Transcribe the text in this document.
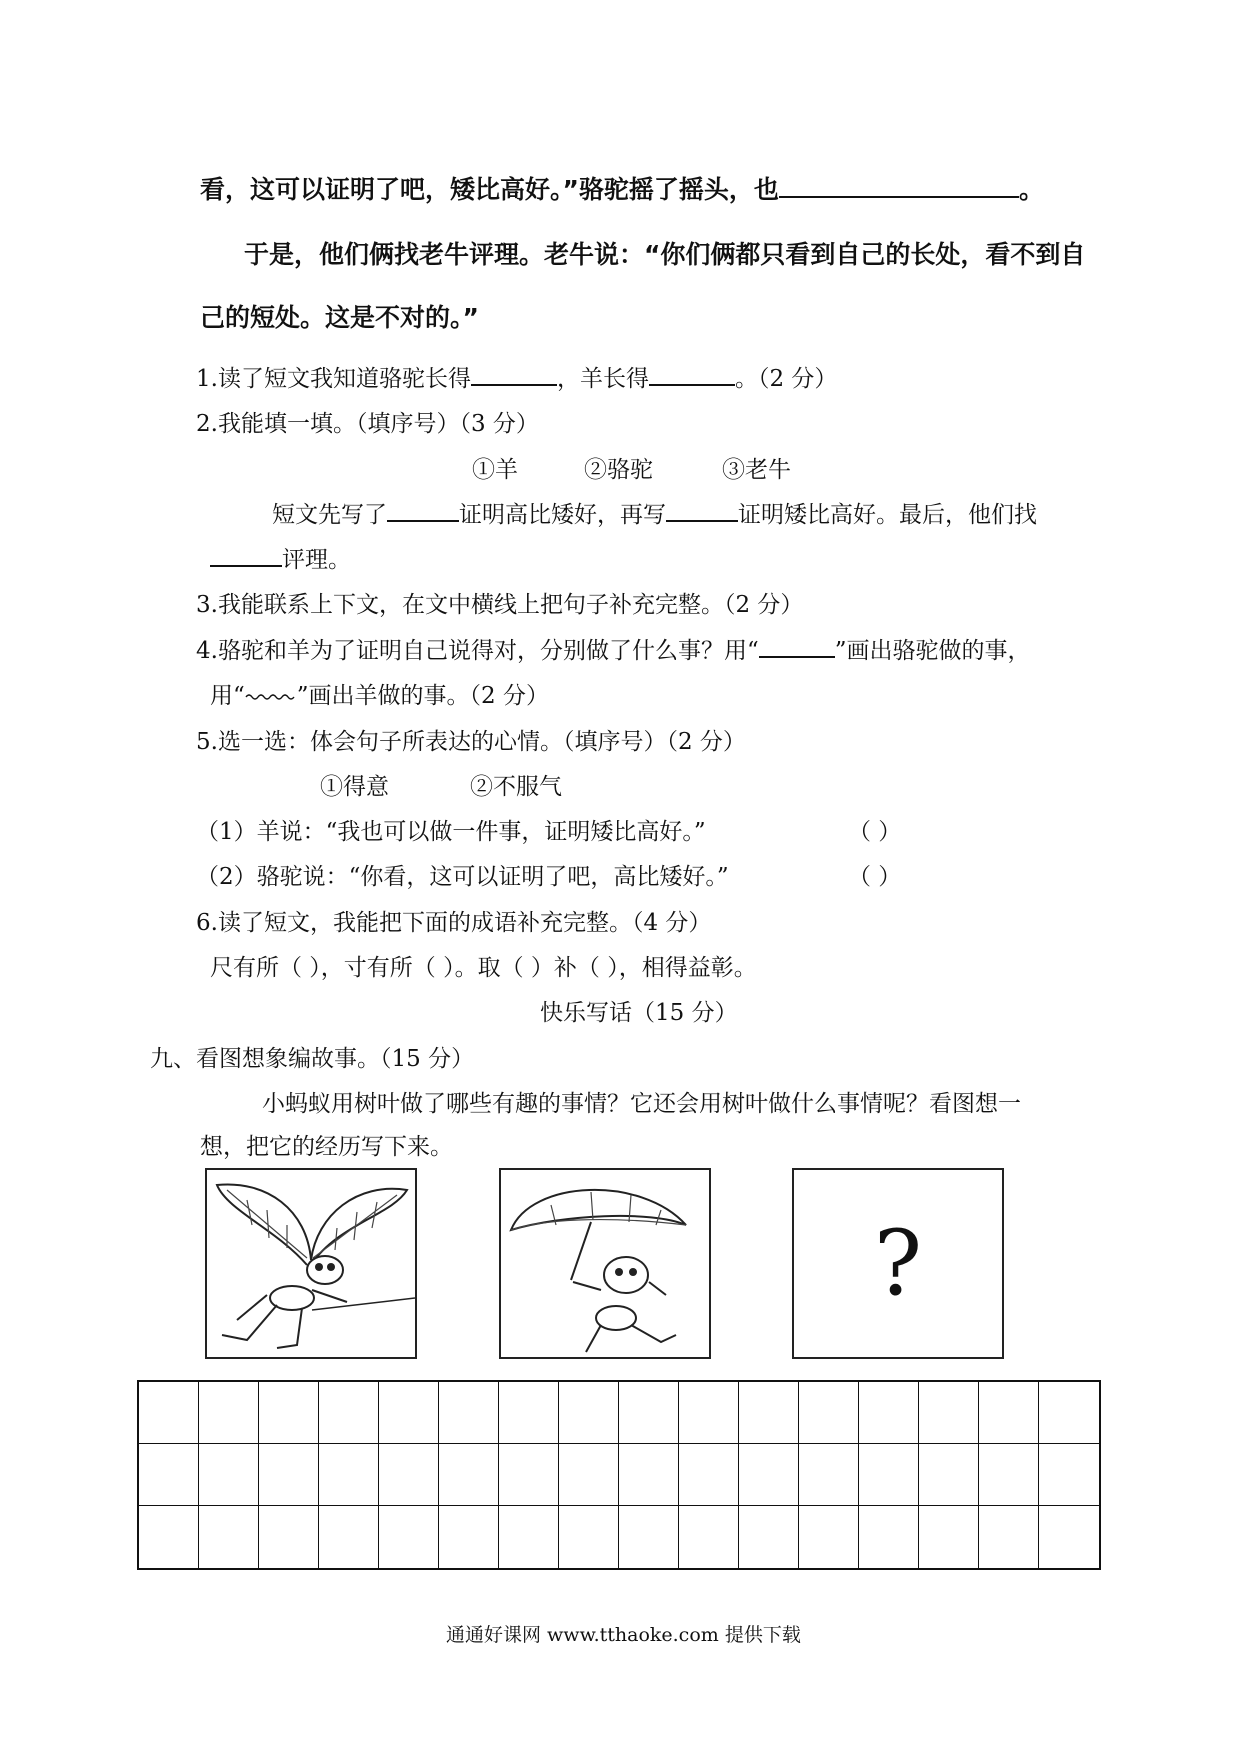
看，这可以证明了吧，矮比高好。”骆驼摇了摇头，也	。
于是，他们俩找老牛评理。老牛说：“你们俩都只看到自己的长处，看不到自
己的短处。这是不对的。”
1.读了短文我知道骆驼长得	，羊长得	。（2 分）
2.我能填一填。（填序号）（3 分）
①羊	②骆驼	③老牛
短文先写了	证明高比矮好，再写	证明矮比高好。最后，他们找
评理。
3.我能联系上下文，在文中横线上把句子补充完整。（2 分）
4.骆驼和羊为了证明自己说得对，分别做了什么事？用“	”画出骆驼做的事，
用“ ”画出羊做的事。（2 分）
5.选一选：体会句子所表达的心情。（填序号）（2 分）
①得意	②不服气
（1）羊说：“我也可以做一件事，证明矮比高好。”	（ ）
（2）骆驼说：“你看，这可以证明了吧，高比矮好。”	（ ）
6.读了短文，我能把下面的成语补充完整。（4 分）
尺有所（ ），寸有所（ ）。取（ ）补（ ），相得益彰。
快乐写话（15 分）
九、看图想象编故事。（15 分）
小蚂蚁用树叶做了哪些有趣的事情？它还会用树叶做什么事情呢？看图想一
想，把它的经历写下来。
?
通通好课网 www.tthaoke.com 提供下载
